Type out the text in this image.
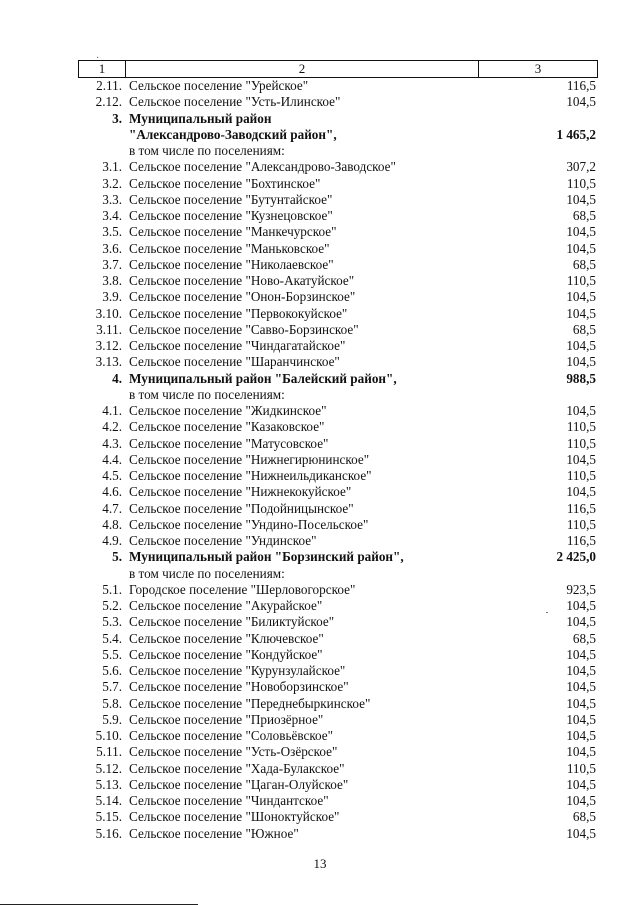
·
1	2	3
2.11. Сельское поселение "Урейское"	116,5
2.12. Сельское поселение "Усть-Илинское"	104,5
3. Муниципальный район
"Александрово-Заводский район",	1 465,2
в том числе по поселениям:
3.1. Сельское поселение "Александрово-Заводское"	307,2
3.2. Сельское поселение "Бохтинское"	110,5
3.3. Сельское поселение "Бутунтайское"	104,5
3.4. Сельское поселение "Кузнецовское"	68,5
3.5. Сельское поселение "Манкечурское"	104,5
3.6. Сельское поселение "Маньковское"	104,5
3.7. Сельское поселение "Николаевское"	68,5
3.8. Сельское поселение "Ново-Акатуйское"	110,5
3.9. Сельское поселение "Онон-Борзинское"	104,5
3.10. Сельское поселение "Первококуйское"	104,5
3.11. Сельское поселение "Савво-Борзинское"	68,5
3.12. Сельское поселение "Чиндагатайское"	104,5
3.13. Сельское поселение "Шаранчинское"	104,5
4. Муниципальный район "Балейский район",	988,5
в том числе по поселениям:
4.1. Сельское поселение "Жидкинское"	104,5
4.2. Сельское поселение "Казаковское"	110,5
4.3. Сельское поселение "Матусовское"	110,5
4.4. Сельское поселение "Нижнегирюнинское"	104,5
4.5. Сельское поселение "Нижнеильдиканское"	110,5
4.6. Сельское поселение "Нижнекокуйское"	104,5
4.7. Сельское поселение "Подойницынское"	116,5
4.8. Сельское поселение "Ундино-Посельское"	110,5
4.9. Сельское поселение "Ундинское"	116,5
5. Муниципальный район "Борзинский район",	2 425,0
в том числе по поселениям:
5.1. Городское поселение "Шерловогорское"	923,5
5.2. Сельское поселение "Акурайское"	104,5
5.3. Сельское поселение "Биликтуйское"	104,5
5.4. Сельское поселение "Ключевское"	68,5
5.5. Сельское поселение "Кондуйское"	104,5
5.6. Сельское поселение "Курунзулайское"	104,5
5.7. Сельское поселение "Новоборзинское"	104,5
5.8. Сельское поселение "Переднебыркинское"	104,5
5.9. Сельское поселение "Приозёрное"	104,5
5.10. Сельское поселение "Соловьёвское"	104,5
5.11. Сельское поселение "Усть-Озёрское"	104,5
5.12. Сельское поселение "Хада-Булакское"	110,5
5.13. Сельское поселение "Цаган-Олуйское"	104,5
5.14. Сельское поселение "Чиндантское"	104,5
5.15. Сельское поселение "Шоноктуйское"	68,5
5.16. Сельское поселение "Южное"	104,5
13
